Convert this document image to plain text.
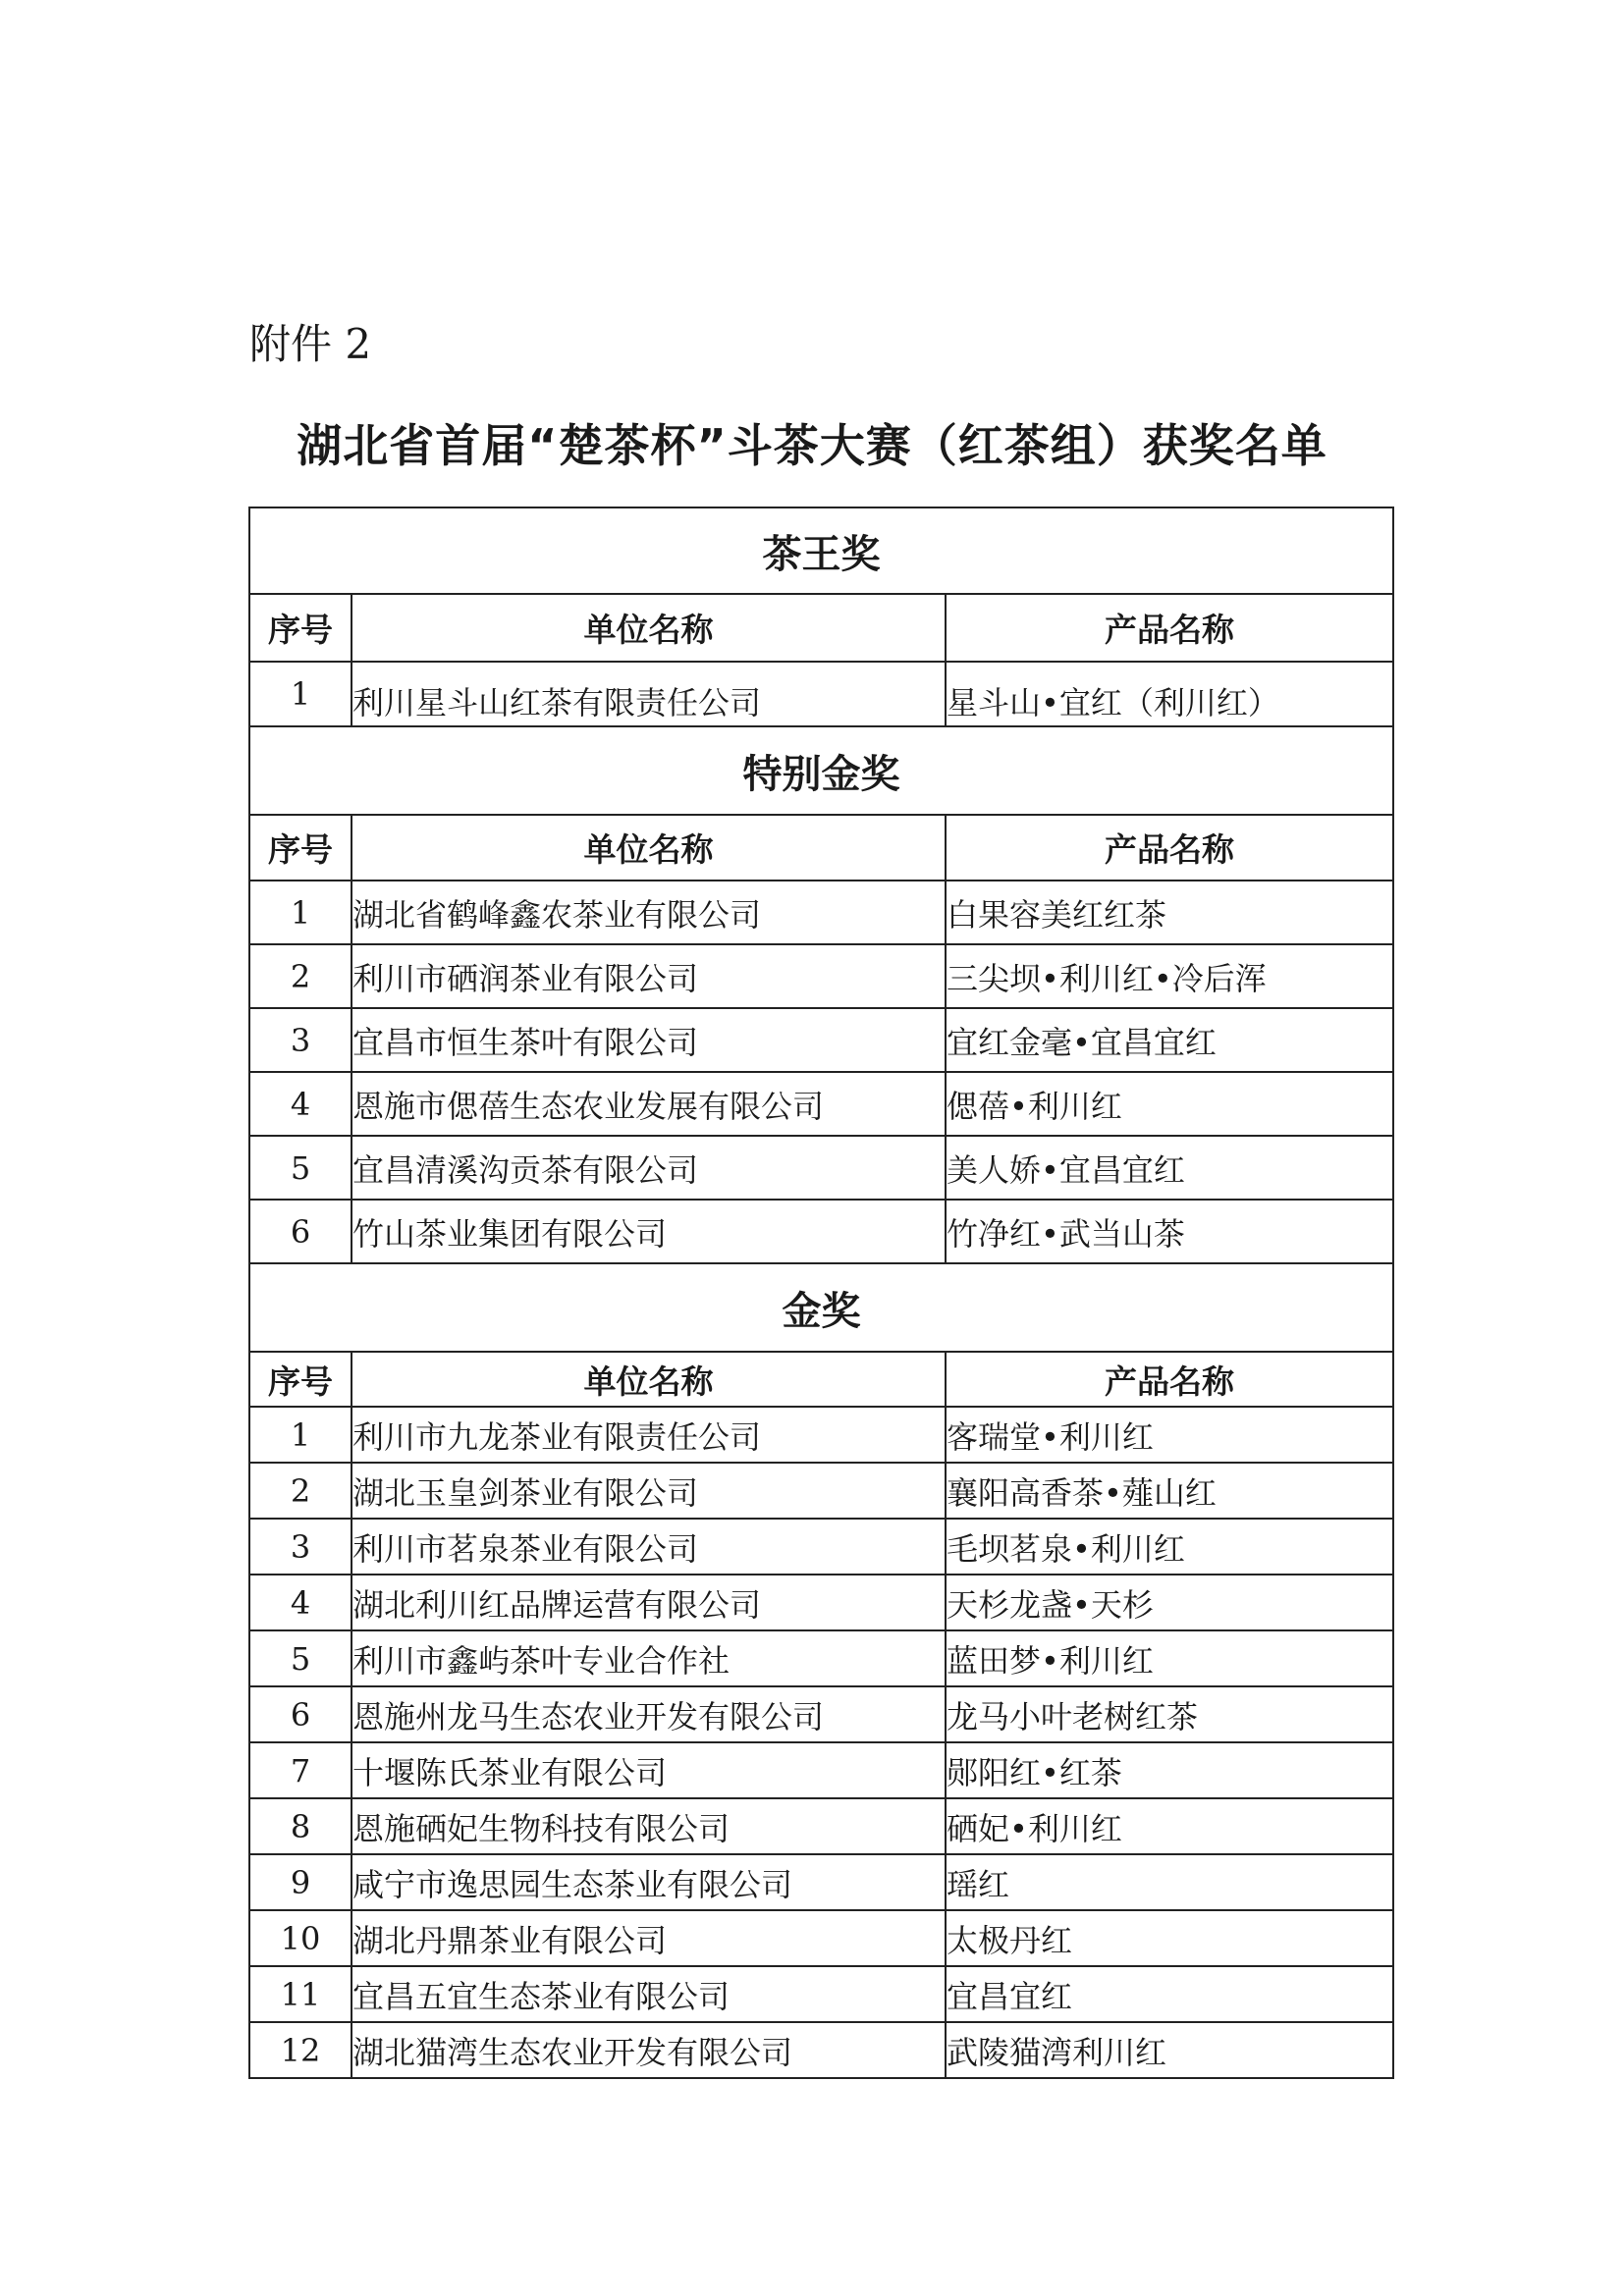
附件 2
湖北省首届“楚茶杯”斗茶大赛（红茶组）获奖名单
茶王奖		
序号	单位名称	产品名称
1	利川星斗山红茶有限责任公司	星斗山•宜红（利川红）
特别金奖		
序号	单位名称	产品名称
1	湖北省鹤峰鑫农茶业有限公司	白果容美红红茶
2	利川市硒润茶业有限公司	三尖坝•利川红•冷后浑
3	宜昌市恒生茶叶有限公司	宜红金毫•宜昌宜红
4	恩施市偲蓓生态农业发展有限公司	偲蓓•利川红
5	宜昌清溪沟贡茶有限公司	美人娇•宜昌宜红
6	竹山茶业集团有限公司	竹净红•武当山茶
金奖		
序号	单位名称	产品名称
1	利川市九龙茶业有限责任公司	客瑞堂•利川红
2	湖北玉皇剑茶业有限公司	襄阳高香茶•薤山红
3	利川市茗泉茶业有限公司	毛坝茗泉•利川红
4	湖北利川红品牌运营有限公司	天杉龙盏•天杉
5	利川市鑫屿茶叶专业合作社	蓝田梦•利川红
6	恩施州龙马生态农业开发有限公司	龙马小叶老树红茶
7	十堰陈氏茶业有限公司	郧阳红•红茶
8	恩施硒妃生物科技有限公司	硒妃•利川红
9	咸宁市逸思园生态茶业有限公司	瑶红
10	湖北丹鼎茶业有限公司	太极丹红
11	宜昌五宜生态茶业有限公司	宜昌宜红
12	湖北猫湾生态农业开发有限公司	武陵猫湾利川红
